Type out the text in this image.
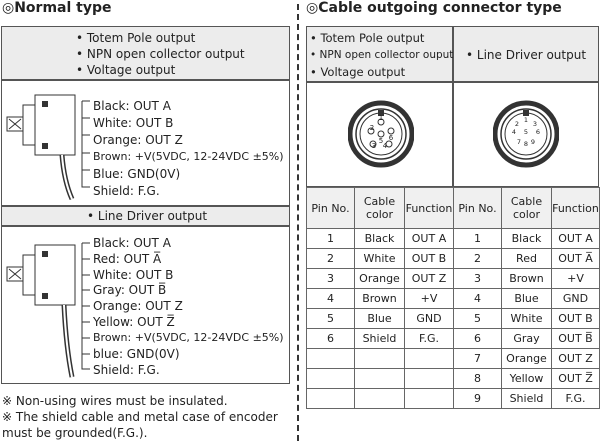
◎Normal type
• Totem Pole output
• NPN open collector output
• Voltage output
Black: OUT A
White: OUT B
Orange: OUT Z
Brown: +V(5VDC, 12-24VDC ±5%)
Blue: GND(0V)
Shield: F.G.
• Line Driver output
Black: OUT A
Red: OUT A̅
White: OUT B
Gray: OUT B̅
Orange: OUT Z
Yellow: OUT Z̅
Brown: +V(5VDC, 12-24VDC ±5%)
blue: GND(0V)
Shield: F.G.
※ Non-using wires must be insulated.
※ The shield cable and metal case of encoder must be grounded(F.G.).
◎Cable outgoing connector type
• Totem Pole output
• NPN open collector ouput
• Voltage output
• Line Driver output
1
2
3 4
6
5
1
2 3
4	6
5
7 8 9
Pin No.	Cable color	Function
1	Black	OUT A
2	White	OUT B
3	Orange	OUT Z
4	Brown	+V
5	Blue	GND
6	Shield	F.G.

Pin No.	Cable color	Function
1	Black	OUT A
2	Red	OUT A̅
3	Brown	+V
4	Blue	GND
5	White	OUT B
6	Gray	OUT B̅
7	Orange	OUT Z
8	Yellow	OUT Z̅
9	Shield	F.G.
